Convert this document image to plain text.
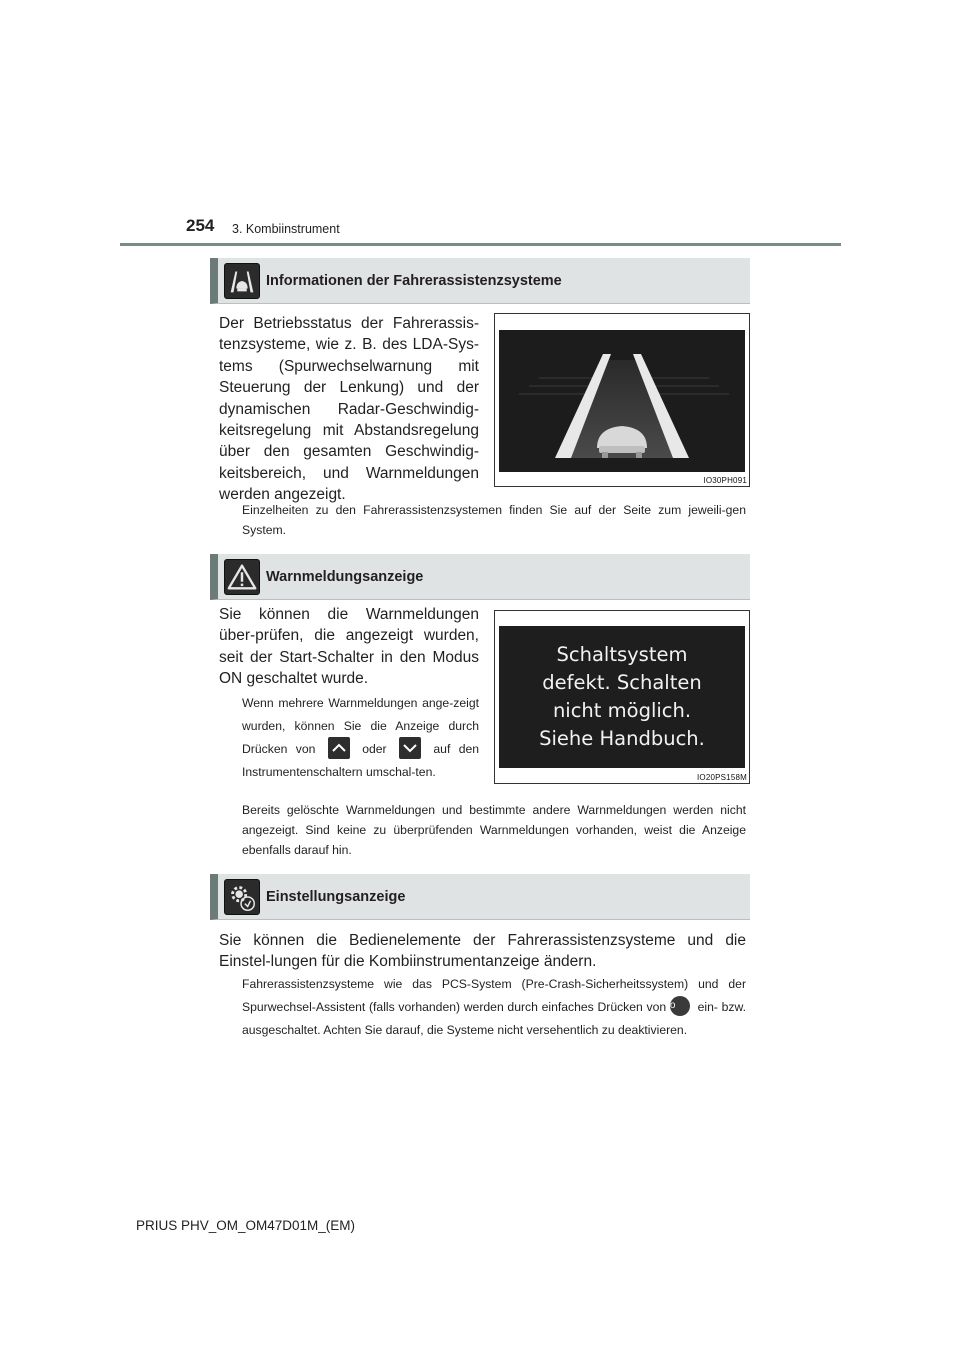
254 3. Kombiinstrument
Informationen der Fahrerassistenzsysteme
Der Betriebsstatus der Fahrerassis-tenzsysteme, wie z. B. des LDA-Sys-tems (Spurwechselwarnung mit Steuerung der Lenkung) und der dynamischen Radar-Geschwindig-keitsregelung mit Abstandsregelung über den gesamten Geschwindig-keitsbereich, und Warnmeldungen werden angezeigt.
IO30PH091
Einzelheiten zu den Fahrerassistenzsystemen finden Sie auf der Seite zum jeweili-gen System.
Warnmeldungsanzeige
Sie können die Warnmeldungen über-prüfen, die angezeigt wurden, seit der Start-Schalter in den Modus ON geschaltet wurde.
Wenn mehrere Warnmeldungen ange-zeigt wurden, können Sie die Anzeige durch Drücken von	oder	auf den Instrumentenschaltern umschal-ten.
Schaltsystem
defekt. Schalten
nicht möglich.
Siehe Handbuch.
IO20PS158M
Bereits gelöschte Warnmeldungen und bestimmte andere Warnmeldungen werden nicht angezeigt. Sind keine zu überprüfenden Warnmeldungen vorhanden, weist die Anzeige ebenfalls darauf hin.
Einstellungsanzeige
Sie können die Bedienelemente der Fahrerassistenzsysteme und die Einstel-lungen für die Kombiinstrumentanzeige ändern.
Fahrerassistenzsysteme wie das PCS-System (Pre-Crash-Sicherheitssystem) und der Spurwechsel-Assistent (falls vorhanden) werden durch einfaches Drücken von o ein- bzw. ausgeschaltet. Achten Sie darauf, die Systeme nicht versehentlich zu deaktivieren.
PRIUS PHV_OM_OM47D01M_(EM)
